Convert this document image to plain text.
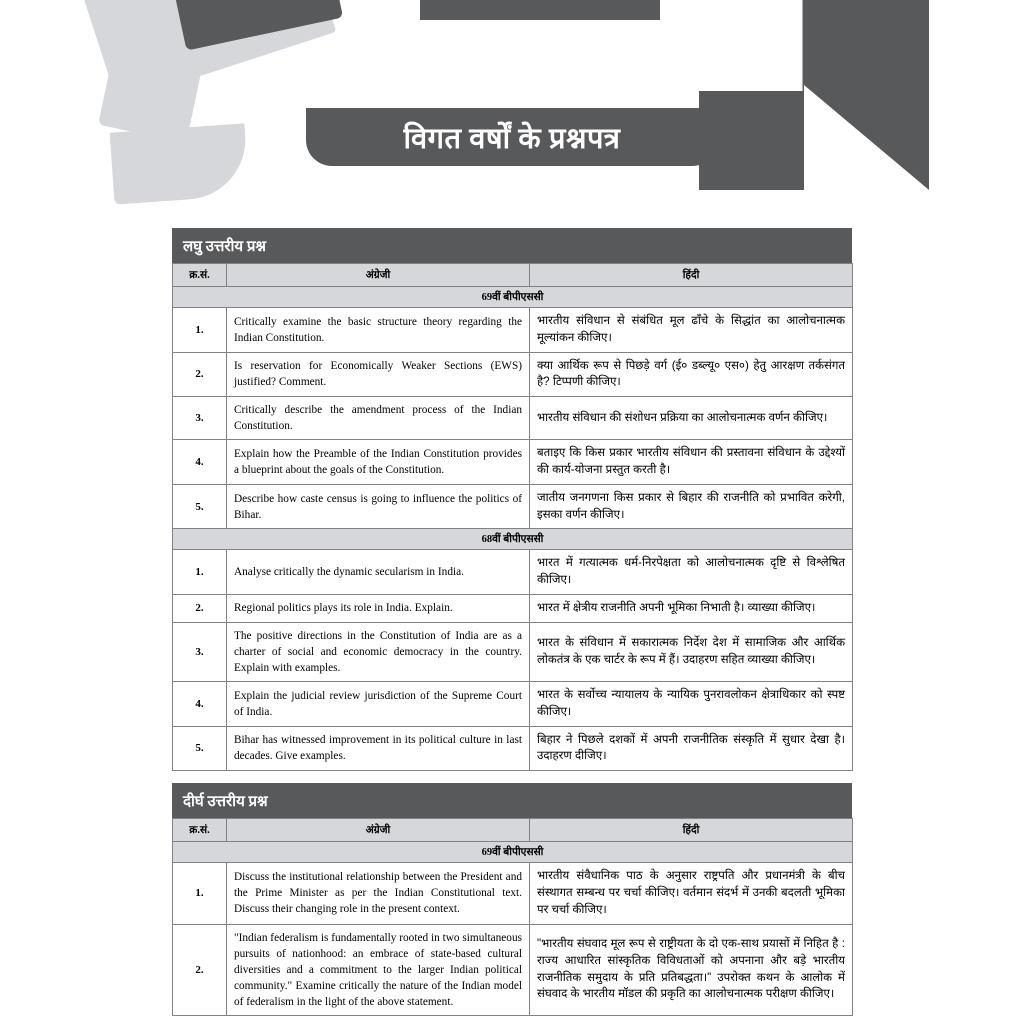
विगत वर्षों के प्रश्नपत्र
लघु उत्तरीय प्रश्न
क्र.सं.	अंग्रेजी	हिंदी
69वीं बीपीएससी		
1.	Critically examine the basic structure theory regarding the Indian Constitution.	भारतीय संविधान से संबंधित मूल ढाँचे के सिद्धांत का आलोचनात्मक मूल्यांकन कीजिए।
2.	Is reservation for Economically Weaker Sections (EWS) justified? Comment.	क्या आर्थिक रूप से पिछड़े वर्ग (ई० डब्ल्यू० एस०) हेतु आरक्षण तर्कसंगत है? टिप्पणी कीजिए।
3.	Critically describe the amendment process of the Indian Constitution.	भारतीय संविधान की संशोधन प्रक्रिया का आलोचनात्मक वर्णन कीजिए।
4.	Explain how the Preamble of the Indian Constitution provides a blueprint about the goals of the Constitution.	बताइए कि किस प्रकार भारतीय संविधान की प्रस्तावना संविधान के उद्देश्यों की कार्य-योजना प्रस्तुत करती है।
5.	Describe how caste census is going to influence the politics of Bihar.	जातीय जनगणना किस प्रकार से बिहार की राजनीति को प्रभावित करेगी, इसका वर्णन कीजिए।
68वीं बीपीएससी		
1.	Analyse critically the dynamic secularism in India.	भारत में गत्यात्मक धर्म-निरपेक्षता को आलोचनात्मक दृष्टि से विश्लेषित कीजिए।
2.	Regional politics plays its role in India. Explain.	भारत में क्षेत्रीय राजनीति अपनी भूमिका निभाती है। व्याख्या कीजिए।
3.	The positive directions in the Constitution of India are as a charter of social and economic democracy in the country. Explain with examples.	भारत के संविधान में सकारात्मक निर्देश देश में सामाजिक और आर्थिक लोकतंत्र के एक चार्टर के रूप में हैं। उदाहरण सहित व्याख्या कीजिए।
4.	Explain the judicial review jurisdiction of the Supreme Court of India.	भारत के सर्वोच्च न्यायालय के न्यायिक पुनरावलोकन क्षेत्राधिकार को स्पष्ट कीजिए।
5.	Bihar has witnessed improvement in its political culture in last decades. Give examples.	बिहार ने पिछले दशकों में अपनी राजनीतिक संस्कृति में सुधार देखा है। उदाहरण दीजिए।
दीर्घ उत्तरीय प्रश्न
क्र.सं.	अंग्रेजी	हिंदी
69वीं बीपीएससी		
1.	Discuss the institutional relationship between the President and the Prime Minister as per the Indian Constitutional text. Discuss their changing role in the present context.	भारतीय संवैधानिक पाठ के अनुसार राष्ट्रपति और प्रधानमंत्री के बीच संस्थागत सम्बन्ध पर चर्चा कीजिए। वर्तमान संदर्भ में उनकी बदलती भूमिका पर चर्चा कीजिए।
2.	"Indian federalism is fundamentally rooted in two simultaneous pursuits of nationhood: an embrace of state-based cultural diversities and a commitment to the larger Indian political community." Examine critically the nature of the Indian model of federalism in the light of the above statement.	"भारतीय संघवाद मूल रूप से राष्ट्रीयता के दो एक-साथ प्रयासों में निहित है : राज्य आधारित सांस्कृतिक विविधताओं को अपनाना और बड़े भारतीय राजनीतिक समुदाय के प्रति प्रतिबद्धता।" उपरोक्त कथन के आलोक में संघवाद के भारतीय मॉडल की प्रकृति का आलोचनात्मक परीक्षण कीजिए।
